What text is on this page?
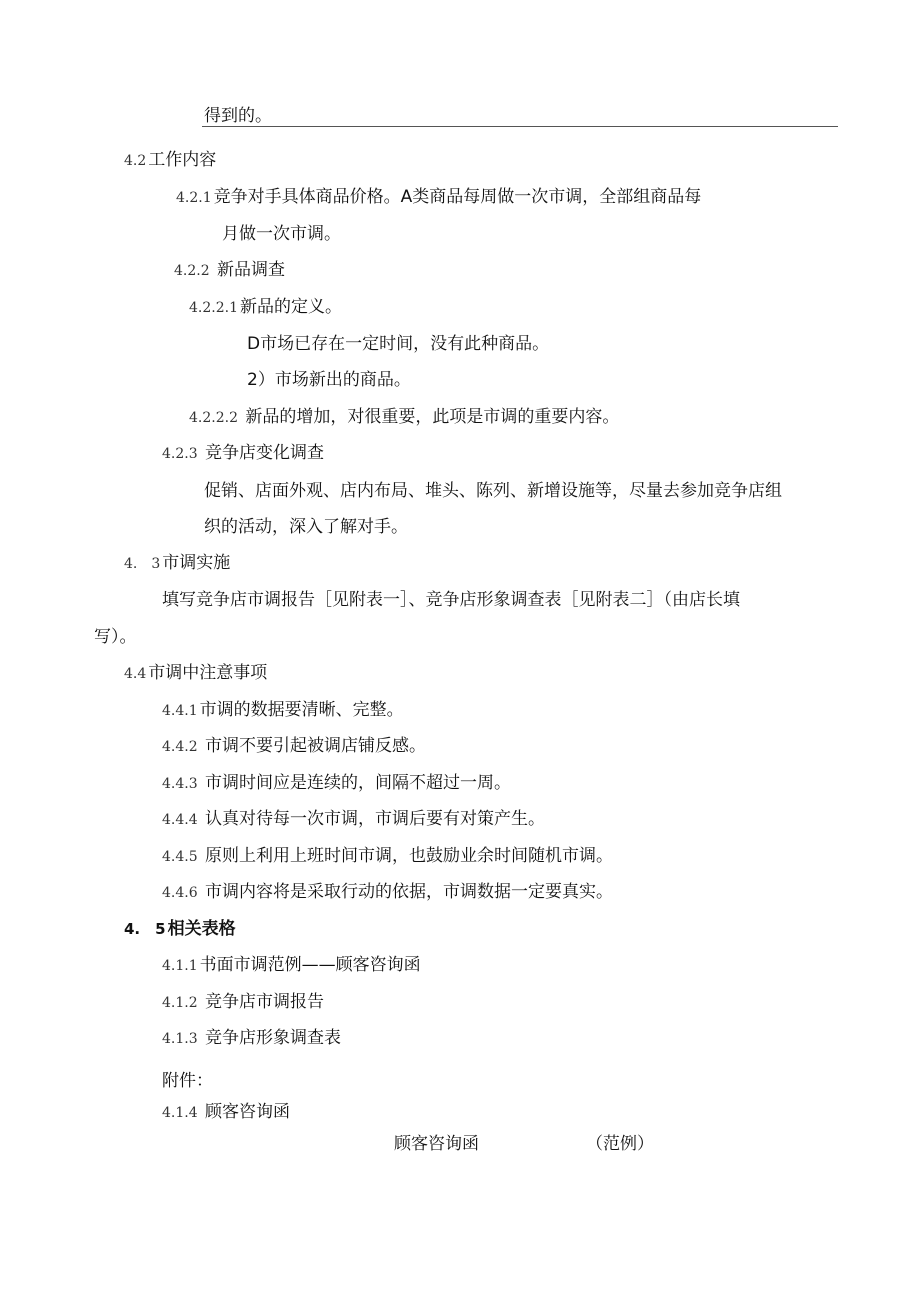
得到的。
4.2 工作内容
4.2.1 竞争对手具体商品价格。A类商品每周做一次市调，全部组商品每
月做一次市调。
4.2.2 新品调查
4.2.2.1 新品的定义。
D市场已存在一定时间，没有此种商品。
2）市场新出的商品。
4.2.2.2 新品的增加，对很重要，此项是市调的重要内容。
4.2.3 竞争店变化调查
促销、店面外观、店内布局、堆头、陈列、新增设施等，尽量去参加竞争店组
织的活动，深入了解对手。
4.　3 市调实施
填写竞争店市调报告［见附表一］、竞争店形象调查表［见附表二］（由店长填
写）。
4.4 市调中注意事项
4.4.1 市调的数据要清晰、完整。
4.4.2 市调不要引起被调店铺反感。
4.4.3 市调时间应是连续的，间隔不超过一周。
4.4.4 认真对待每一次市调，市调后要有对策产生。
4.4.5 原则上利用上班时间市调，也鼓励业余时间随机市调。
4.4.6 市调内容将是采取行动的依据，市调数据一定要真实。
4.　5 相关表格
4.1.1 书面市调范例——顾客咨询函
4.1.2 竞争店市调报告
4.1.3 竞争店形象调查表
附件：
4.1.4 顾客咨询函
顾客咨询函	（范例）
